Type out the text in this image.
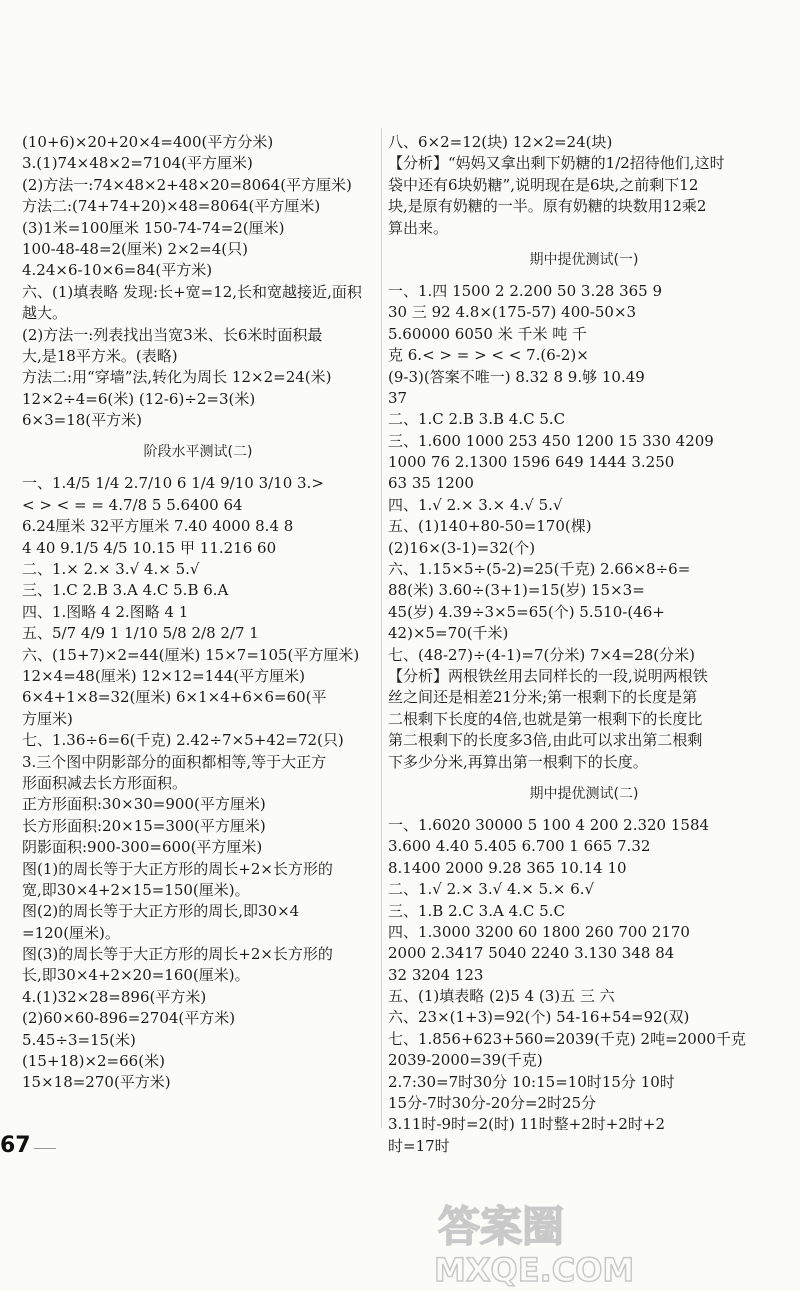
(10+6)×20+20×4=400(平方分米)
3.(1)74×48×2=7104(平方厘米)
(2)方法一:74×48×2+48×20=8064(平方厘米)
方法二:(74+74+20)×48=8064(平方厘米)
(3)1米=100厘米 150-74-74=2(厘米)
100-48-48=2(厘米) 2×2=4(只)
4.24×6-10×6=84(平方米)
六、(1)填表略 发现:长+宽=12,长和宽越接近,面积
越大。
(2)方法一:列表找出当宽3米、长6米时面积最
大,是18平方米。(表略)
方法二:用“穿墙”法,转化为周长 12×2=24(米)
12×2÷4=6(米) (12-6)÷2=3(米)
6×3=18(平方米)
阶段水平测试(二)
一、1.4/5 1/4 2.7/10 6 1/4 9/10 3/10 3.>
< > < = = 4.7/8 5 5.6400 64
6.24厘米 32平方厘米 7.40 4000 8.4 8
4 40 9.1/5 4/5 10.15 甲 11.216 60
二、1.× 2.× 3.√ 4.× 5.√
三、1.C 2.B 3.A 4.C 5.B 6.A
四、1.图略 4 2.图略 4 1
五、5/7 4/9 1 1/10 5/8 2/8 2/7 1
六、(15+7)×2=44(厘米) 15×7=105(平方厘米)
12×4=48(厘米) 12×12=144(平方厘米)
6×4+1×8=32(厘米) 6×1×4+6×6=60(平
方厘米)
七、1.36÷6=6(千克) 2.42÷7×5+42=72(只)
3.三个图中阴影部分的面积都相等,等于大正方
形面积减去长方形面积。
正方形面积:30×30=900(平方厘米)
长方形面积:20×15=300(平方厘米)
阴影面积:900-300=600(平方厘米)
图(1)的周长等于大正方形的周长+2×长方形的
宽,即30×4+2×15=150(厘米)。
图(2)的周长等于大正方形的周长,即30×4
=120(厘米)。
图(3)的周长等于大正方形的周长+2×长方形的
长,即30×4+2×20=160(厘米)。
4.(1)32×28=896(平方米)
(2)60×60-896=2704(平方米)
5.45÷3=15(米)
(15+18)×2=66(米)
15×18=270(平方米)
八、6×2=12(块) 12×2=24(块)
【分析】“妈妈又拿出剩下奶糖的1/2招待他们,这时
袋中还有6块奶糖”,说明现在是6块,之前剩下12
块,是原有奶糖的一半。原有奶糖的块数用12乘2
算出来。
期中提优测试(一)
一、1.四 1500 2 2.200 50 3.28 365 9
30 三 92 4.8×(175-57) 400-50×3
5.60000 6050 米 千米 吨 千
克 6.< > = > < < 7.(6-2)×
(9-3)(答案不唯一) 8.32 8 9.够 10.49
37
二、1.C 2.B 3.B 4.C 5.C
三、1.600 1000 253 450 1200 15 330 4209
1000 76 2.1300 1596 649 1444 3.250
63 35 1200
四、1.√ 2.× 3.× 4.√ 5.√
五、(1)140+80-50=170(棵)
(2)16×(3-1)=32(个)
六、1.15×5÷(5-2)=25(千克) 2.66×8÷6=
88(米) 3.60÷(3+1)=15(岁) 15×3=
45(岁) 4.39÷3×5=65(个) 5.510-(46+
42)×5=70(千米)
七、(48-27)÷(4-1)=7(分米) 7×4=28(分米)
【分析】两根铁丝用去同样长的一段,说明两根铁
丝之间还是相差21分米;第一根剩下的长度是第
二根剩下长度的4倍,也就是第一根剩下的长度比
第二根剩下的长度多3倍,由此可以求出第二根剩
下多少分米,再算出第一根剩下的长度。
期中提优测试(二)
一、1.6020 30000 5 100 4 200 2.320 1584
3.600 4.40 5.405 6.700 1 665 7.32
8.1400 2000 9.28 365 10.14 10
二、1.√ 2.× 3.√ 4.× 5.× 6.√
三、1.B 2.C 3.A 4.C 5.C
四、1.3000 3200 60 1800 260 700 2170
2000 2.3417 5040 2240 3.130 348 84
32 3204 123
五、(1)填表略 (2)5 4 (3)五 三 六
六、23×(1+3)=92(个) 54-16+54=92(双)
七、1.856+623+560=2039(千克) 2吨=2000千克
2039-2000=39(千克)
2.7:30=7时30分 10:15=10时15分 10时
15分-7时30分-20分=2时25分
3.11时-9时=2(时) 11时整+2时+2时+2
时=17时
67
答案圈
MXQE.COM
